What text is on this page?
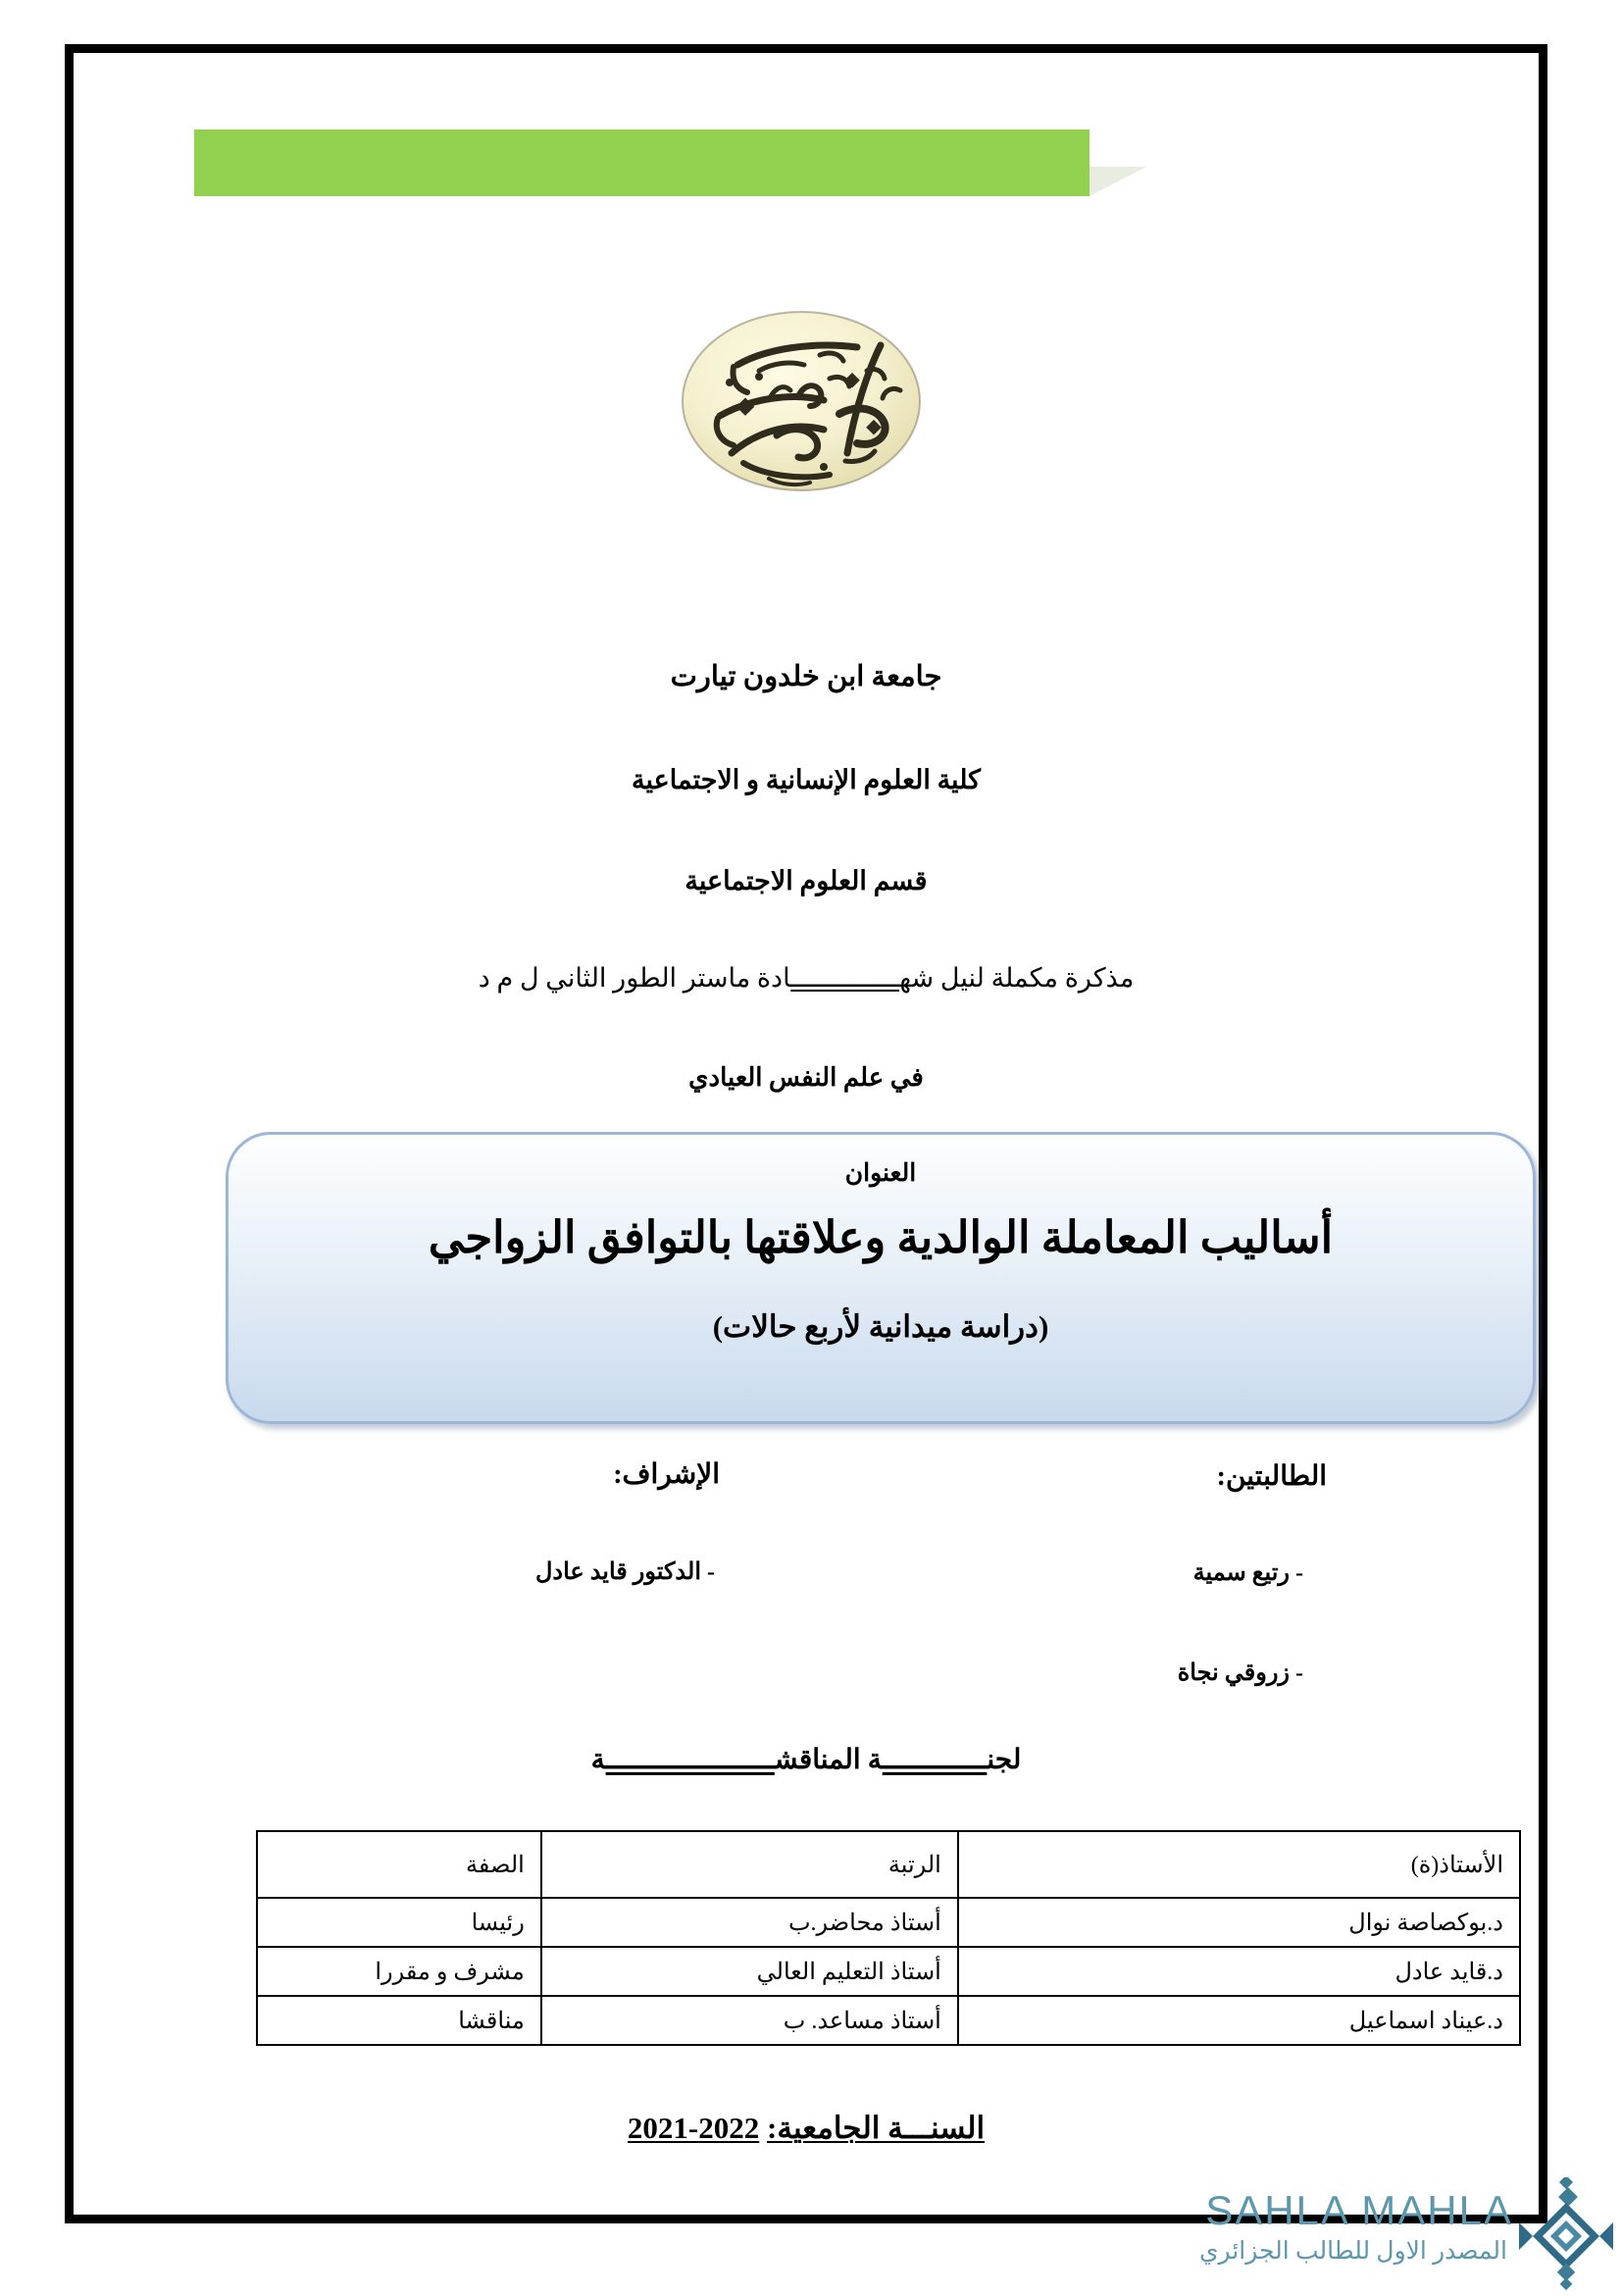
جامعة ابن خلدون تيارت
كلية العلوم الإنسانية و الاجتماعية
قسم العلوم الاجتماعية
مذكرة مكملة لنيل شهــــــــــــــادة ماستر الطور الثاني ل م د
في علم النفس العيادي
العنوان
أساليب المعاملة الوالدية وعلاقتها بالتوافق الزواجي
(دراسة ميدانية لأربع حالات)
الطالبتين:
- رتيع سمية
- زروقي نجاة
الإشراف:
- الدكتور قايد عادل
لجنـــــــــــــة المناقشـــــــــــــــــــــة
الأستاذ(ة)	الرتبة	الصفة
د.بوكصاصة نوال	أستاذ محاضر.ب	رئيسا
د.قايد عادل	أستاذ التعليم العالي	مشرف و مقررا
د.عيناد اسماعيل	أستاذ مساعد. ب	مناقشا
السنـــة الجامعية: 2022-2021
SAHLA MAHLA
المصدر الاول للطالب الجزائري
